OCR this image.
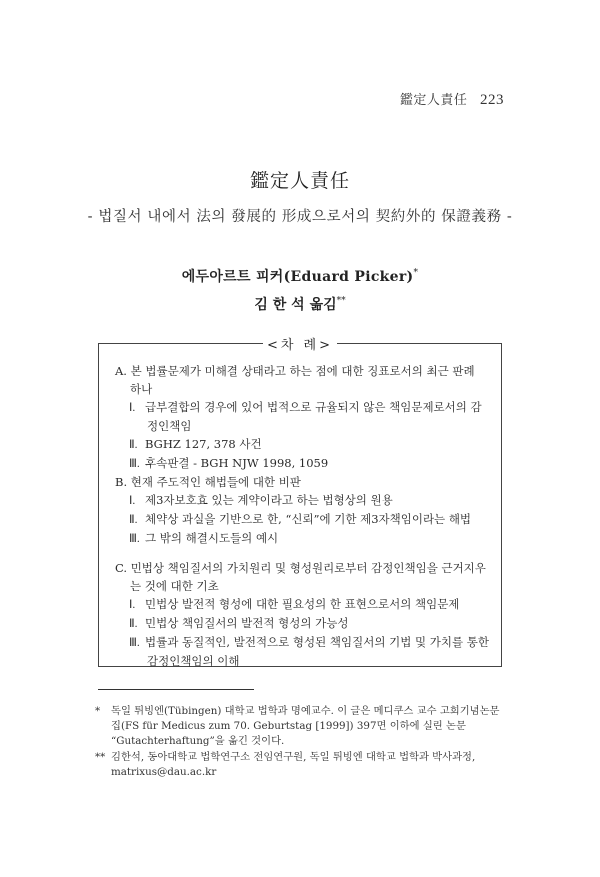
鑑定人責任 223
鑑定人責任
- 법질서 내에서 法의 發展的 形成으로서의 契約外的 保證義務 -
에두아르트 피커(Eduard Picker)*
김 한 석 옮김**
<차 례>
A. 본 법률문제가 미해결 상태라고 하는 점에 대한 징표로서의 최근 판례
하나
Ⅰ. 급부결합의 경우에 있어 법적으로 규율되지 않은 책임문제로서의 감
정인책임
Ⅱ. BGHZ 127, 378 사건
Ⅲ. 후속판결 - BGH NJW 1998, 1059
B. 현재 주도적인 해법들에 대한 비판
Ⅰ. 제3자보호효 있는 계약이라고 하는 법형상의 원용
Ⅱ. 체약상 과실을 기반으로 한, “신뢰”에 기한 제3자책임이라는 해법
Ⅲ. 그 밖의 해결시도들의 예시
C. 민법상 책임질서의 가치원리 및 형성원리로부터 감정인책임을 근거지우
는 것에 대한 기초
Ⅰ. 민법상 발전적 형성에 대한 필요성의 한 표현으로서의 책임문제
Ⅱ. 민법상 책임질서의 발전적 형성의 가능성
Ⅲ. 법률과 동질적인, 발전적으로 형성된 책임질서의 기법 및 가치를 통한
감정인책임의 이해
* 독일 튀빙엔(Tübingen) 대학교 법학과 명예교수. 이 글은 메디쿠스 교수 고희기념논문집(FS für Medicus zum 70. Geburtstag [1999]) 397면 이하에 실린 논문 “Gutachterhaftung”을 옮긴 것이다.
** 김한석, 동아대학교 법학연구소 전임연구원, 독일 튀빙엔 대학교 법학과 박사과정, matrixus@dau.ac.kr
